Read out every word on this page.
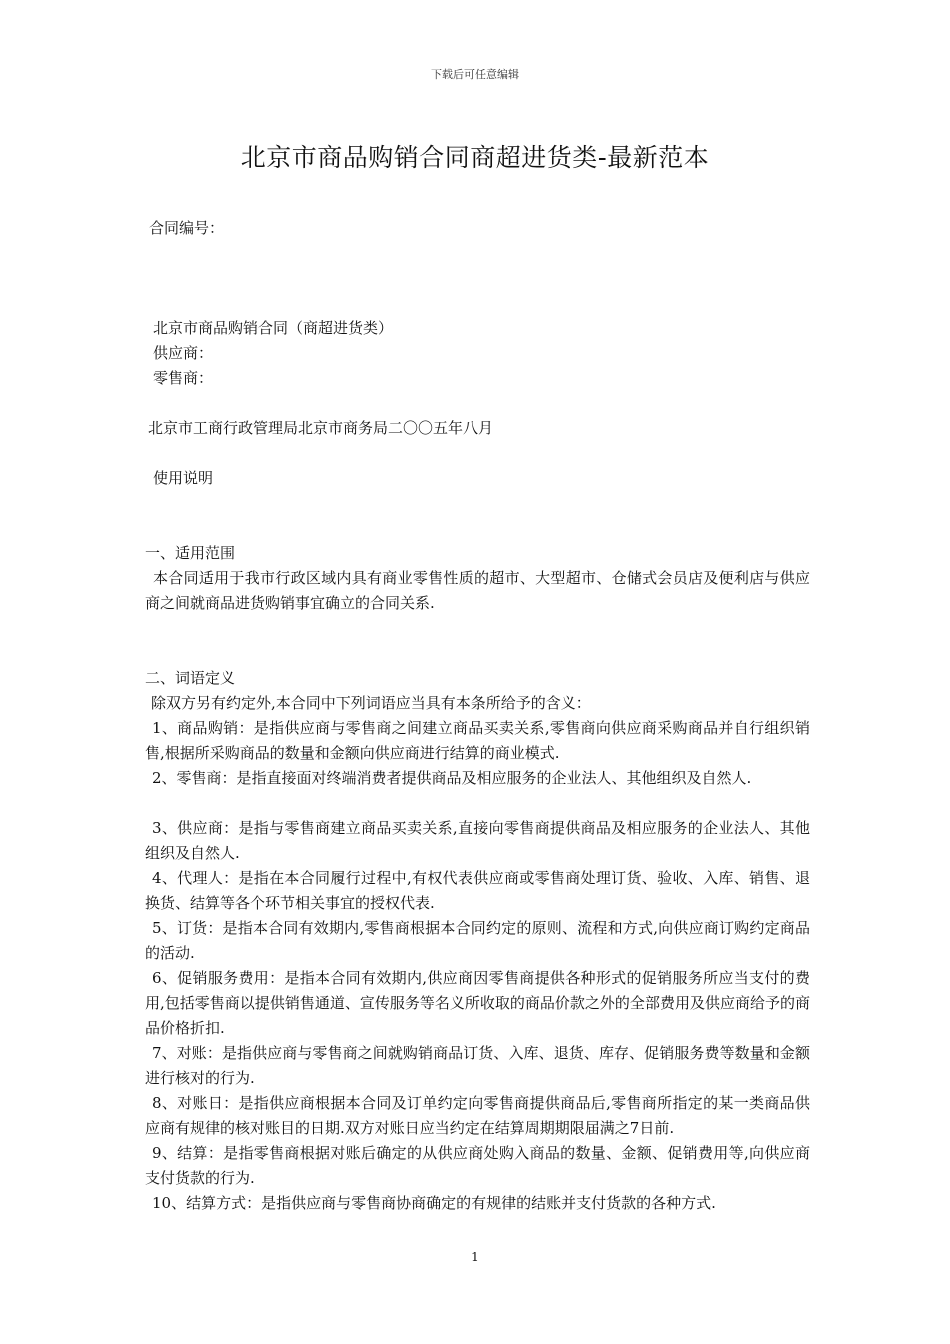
下载后可任意编辑
北京市商品购销合同商超进货类-最新范本
合同编号：
北京市商品购销合同（商超进货类）
供应商：
零售商：
北京市工商行政管理局北京市商务局二〇〇五年八月
使用说明
一、适用范围
本合同适用于我市行政区域内具有商业零售性质的超市、大型超市、仓储式会员店及便利店与供应商之间就商品进货购销事宜确立的合同关系.
二、词语定义
除双方另有约定外,本合同中下列词语应当具有本条所给予的含义：
1、商品购销：是指供应商与零售商之间建立商品买卖关系,零售商向供应商采购商品并自行组织销售,根据所采购商品的数量和金额向供应商进行结算的商业模式.
2、零售商：是指直接面对终端消费者提供商品及相应服务的企业法人、其他组织及自然人.
3、供应商：是指与零售商建立商品买卖关系,直接向零售商提供商品及相应服务的企业法人、其他组织及自然人.
4、代理人：是指在本合同履行过程中,有权代表供应商或零售商处理订货、验收、入库、销售、退换货、结算等各个环节相关事宜的授权代表.
5、订货：是指本合同有效期内,零售商根据本合同约定的原则、流程和方式,向供应商订购约定商品的活动.
6、促销服务费用：是指本合同有效期内,供应商因零售商提供各种形式的促销服务所应当支付的费用,包括零售商以提供销售通道、宣传服务等名义所收取的商品价款之外的全部费用及供应商给予的商品价格折扣.
7、对账：是指供应商与零售商之间就购销商品订货、入库、退货、库存、促销服务费等数量和金额进行核对的行为.
8、对账日：是指供应商根据本合同及订单约定向零售商提供商品后,零售商所指定的某一类商品供应商有规律的核对账目的日期.双方对账日应当约定在结算周期期限届满之7日前.
9、结算：是指零售商根据对账后确定的从供应商处购入商品的数量、金额、促销费用等,向供应商支付货款的行为.
10、结算方式：是指供应商与零售商协商确定的有规律的结账并支付货款的各种方式.
1
